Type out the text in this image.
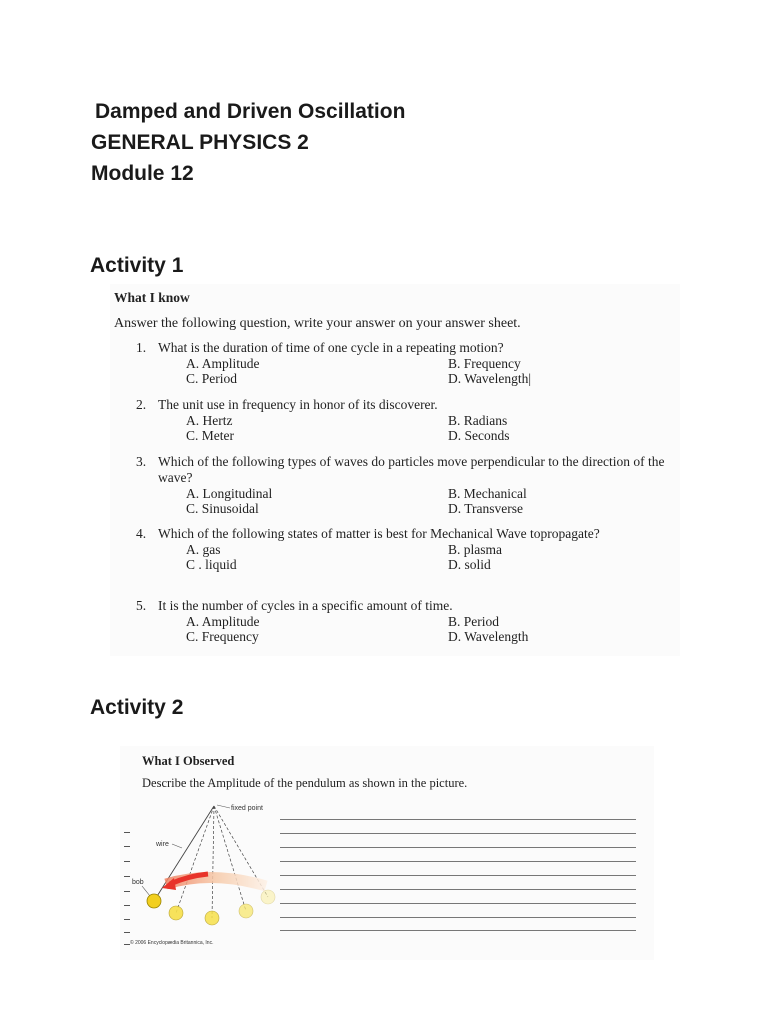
Damped and Driven Oscillation
GENERAL PHYSICS 2
Module 12
Activity 1
What I know
Answer the following question, write your answer on your answer sheet.
1. What is the duration of time of one cycle in a repeating motion?
A. Amplitude	B. Frequency
C. Period	D. Wavelength|
2. The unit use in frequency in honor of its discoverer.
A. Hertz	B. Radians
C. Meter	D. Seconds
3. Which of the following types of waves do particles move perpendicular to the direction of the wave?
A. Longitudinal	B. Mechanical
C. Sinusoidal	D. Transverse
4. Which of the following states of matter is best for Mechanical Wave topropagate?
A. gas	B. plasma
C . liquid	D. solid
5. It is the number of cycles in a specific amount of time.
A. Amplitude	B. Period
C. Frequency	D. Wavelength
Activity 2
What I Observed
Describe the Amplitude of the pendulum as shown in the picture.
fixed point
wire
bob
© 2006 Encyclopædia Britannica, Inc.
